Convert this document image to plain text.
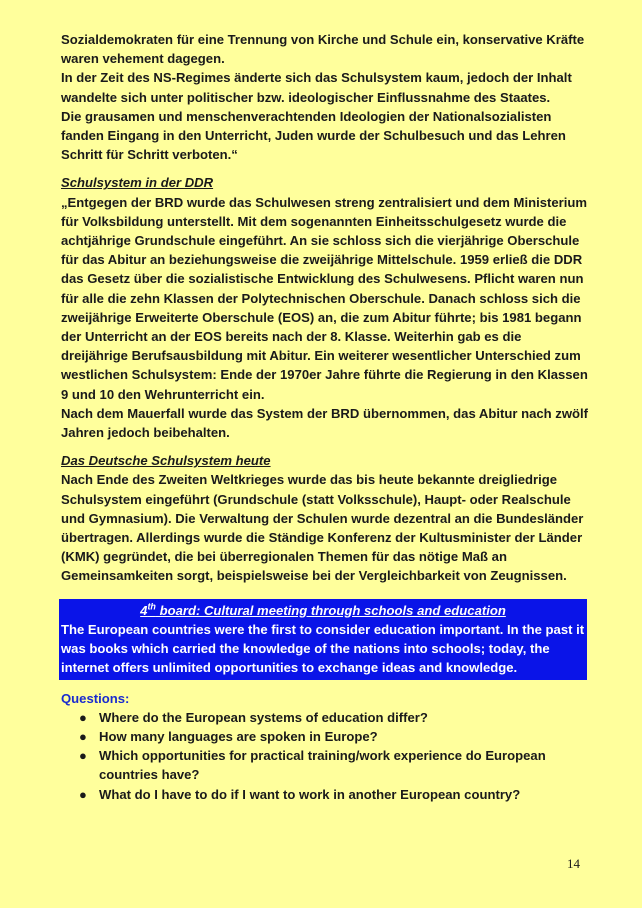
Sozialdemokraten für eine Trennung von Kirche und Schule ein, konservative Kräfte waren vehement dagegen.

In der Zeit des NS-Regimes änderte sich das Schulsystem kaum, jedoch der Inhalt wandelte sich unter politischer bzw. ideologischer Einflussnahme des Staates.

Die grausamen und menschenverachtenden Ideologien der Nationalsozialisten fanden Eingang in den Unterricht, Juden wurde der Schulbesuch und das Lehren Schritt für Schritt verboten.“

Schulsystem in der DDR

„Entgegen der BRD wurde das Schulwesen streng zentralisiert und dem Ministerium für Volksbildung unterstellt. Mit dem sogenannten Einheitsschulgesetz wurde die achtjährige Grundschule eingeführt. An sie schloss sich die vierjährige Oberschule für das Abitur an beziehungsweise die zweijährige Mittelschule. 1959 erließ die DDR das Gesetz über die sozialistische Entwicklung des Schulwesens. Pflicht waren nun für alle die zehn Klassen der Polytechnischen Oberschule. Danach schloss sich die zweijährige Erweiterte Oberschule (EOS) an, die zum Abitur führte; bis 1981 begann der Unterricht an der EOS bereits nach der 8. Klasse. Weiterhin gab es die dreijährige Berufsausbildung mit Abitur. Ein weiterer wesentlicher Unterschied zum westlichen Schulsystem: Ende der 1970er Jahre führte die Regierung in den Klassen 9 und 10 den Wehrunterricht ein.

Nach dem Mauerfall wurde das System der BRD übernommen, das Abitur nach zwölf Jahren jedoch beibehalten.

Das Deutsche Schulsystem heute

Nach Ende des Zweiten Weltkrieges wurde das bis heute bekannte dreigliedrige Schulsystem eingeführt (Grundschule (statt Volksschule), Haupt- oder Realschule und Gymnasium). Die Verwaltung der Schulen wurde dezentral an die Bundesländer übertragen. Allerdings wurde die Ständige Konferenz der Kultusminister der Länder (KMK) gegründet, die bei überregionalen Themen für das nötige Maß an Gemeinsamkeiten sorgt, beispielsweise bei der Vergleichbarkeit von Zeugnissen.

4th board: Cultural meeting through schools and education

The European countries were the first to consider education important. In the past it was books which carried the knowledge of the nations into schools; today, the internet offers unlimited opportunities to exchange ideas and knowledge.

Questions:

● Where do the European systems of education differ?
● How many languages are spoken in Europe?
● Which opportunities for practical training/work experience do European countries have?
● What do I have to do if I want to work in another European country?
14
